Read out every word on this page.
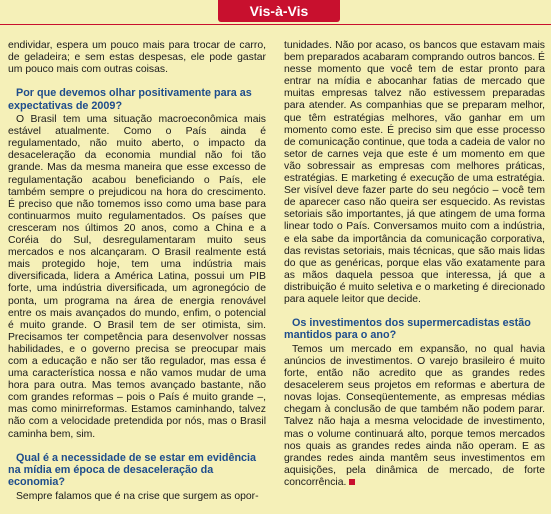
Vis-à-Vis

endividar, espera um pouco mais para trocar de carro, de geladeira; e sem estas despesas, ele pode gastar um pouco mais com outras coisas.

Por que devemos olhar positivamente para as expectativas de 2009?

O Brasil tem uma situação macroeconômica mais estável atualmente. Como o País ainda é regulamentado, não muito aberto, o impacto da desaceleração da economia mundial não foi tão grande. Mas da mesma maneira que esse excesso de regulamentação acabou beneficiando o País, ele também sempre o prejudicou na hora do crescimento. É preciso que não tomemos isso como uma base para continuarmos muito regulamentados. Os países que cresceram nos últimos 20 anos, como a China e a Coréia do Sul, desregulamentaram muito seus mercados e nos alcançaram. O Brasil realmente está mais protegido hoje, tem uma indústria mais diversificada, lidera a América Latina, possui um PIB forte, uma indústria diversificada, um agronegócio de ponta, um programa na área de energia renovável entre os mais avançados do mundo, enfim, o potencial é muito grande. O Brasil tem de ser otimista, sim. Precisamos ter competência para desenvolver nossas habilidades, e o governo precisa se preocupar mais com a educação e não ser tão regulador, mas essa é uma característica nossa e não vamos mudar de uma hora para outra. Mas temos avançado bastante, não com grandes reformas – pois o País é muito grande –, mas como minirreformas. Estamos caminhando, talvez não com a velocidade pretendida por nós, mas o Brasil caminha bem, sim.

Qual é a necessidade de se estar em evidência na mídia em época de desaceleração da economia?

Sempre falamos que é na crise que surgem as opor-

tunidades. Não por acaso, os bancos que estavam mais bem preparados acabaram comprando outros bancos. É nesse momento que você tem de estar pronto para entrar na mídia e abocanhar fatias de mercado que muitas empresas talvez não estivessem preparadas para atender. As companhias que se preparam melhor, que têm estratégias melhores, vão ganhar em um momento como este. É preciso sim que esse processo de comunicação continue, que toda a cadeia de valor no setor de carnes veja que este é um momento em que vão sobressair as empresas com melhores práticas, estratégias. E marketing é execução de uma estratégia. Ser visível deve fazer parte do seu negócio – você tem de aparecer caso não queira ser esquecido. As revistas setoriais são importantes, já que atingem de uma forma linear todo o País. Conversamos muito com a indústria, e ela sabe da importância da comunicação corporativa, das revistas setoriais, mais técnicas, que são mais lidas do que as genéricas, porque elas vão exatamente para as mãos daquela pessoa que interessa, já que a distribuição é muito seletiva e o marketing é direcionado para aquele leitor que decide.

Os investimentos dos supermercadistas estão mantidos para o ano?

Temos um mercado em expansão, no qual havia anúncios de investimentos. O varejo brasileiro é muito forte, então não acredito que as grandes redes desacelerem seus projetos em reformas e abertura de novas lojas. Conseqüentemente, as empresas médias chegam à conclusão de que também não podem parar. Talvez não haja a mesma velocidade de investimento, mas o volume continuará alto, porque temos mercados nos quais as grandes redes ainda não operam. E as grandes redes ainda mantêm seus investimentos em aquisições, pela dinâmica de mercado, de forte concorrência.
